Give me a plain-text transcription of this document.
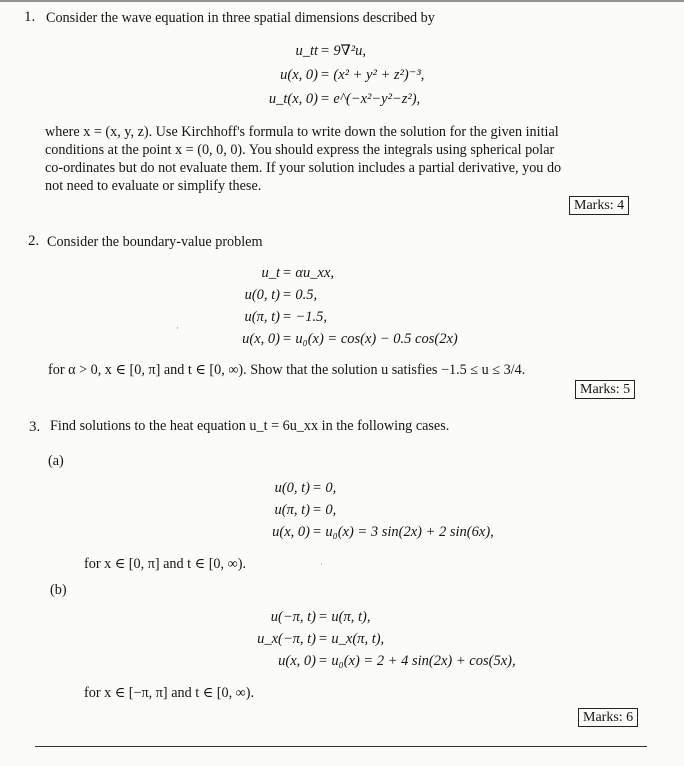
1. Consider the wave equation in three spatial dimensions described by
u_tt = 9∇²u,
u(x, 0) = (x² + y² + z²)⁻³,
u_t(x, 0) = e^(−x²−y²−z²),
where x = (x, y, z). Use Kirchhoff's formula to write down the solution for the given initial
conditions at the point x = (0, 0, 0). You should express the integrals using spherical polar
co-ordinates but do not evaluate them. If your solution includes a partial derivative, you do
not need to evaluate or simplify these.
Marks: 4
2. Consider the boundary-value problem
u_t = αu_xx,
u(0, t) = 0.5,
u(π, t) = −1.5,
u(x, 0) = u₀(x) = cos(x) − 0.5 cos(2x)
·
for α > 0, x ∈ [0, π] and t ∈ [0, ∞). Show that the solution u satisfies −1.5 ≤ u ≤ 3/4.
Marks: 5
3. Find solutions to the heat equation u_t = 6u_xx in the following cases.
(a)
u(0, t) = 0,
u(π, t) = 0,
u(x, 0) = u₀(x) = 3 sin(2x) + 2 sin(6x),
for x ∈ [0, π] and t ∈ [0, ∞).	˙
(b)
u(−π, t) = u(π, t),
u_x(−π, t) = u_x(π, t),
u(x, 0) = u₀(x) = 2 + 4 sin(2x) + cos(5x),
for x ∈ [−π, π] and t ∈ [0, ∞).
Marks: 6
